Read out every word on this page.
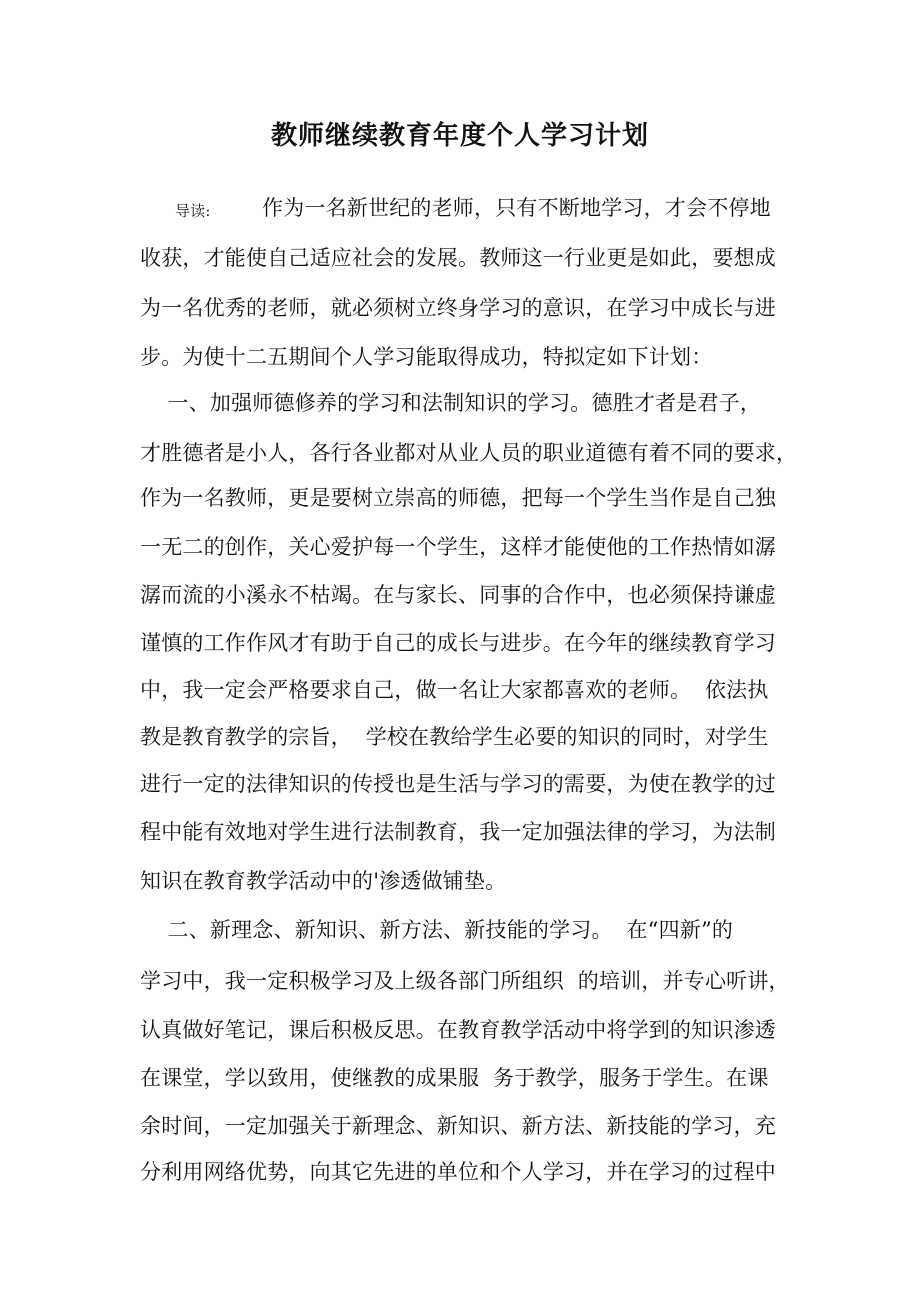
教师继续教育年度个人学习计划
导读:	作为一名新世纪的老师，只有不断地学习，才会不停地
收获，才能使自己适应社会的发展。教师这一行业更是如此，要想成
为一名优秀的老师，就必须树立终身学习的意识，在学习中成长与进
步。为使十二五期间个人学习能取得成功，特拟定如下计划：
一、加强师德修养的学习和法制知识的学习。德胜才者是君子，
才胜德者是小人，各行各业都对从业人员的职业道德有着不同的要求，
作为一名教师，更是要树立崇高的师德，把每一个学生当作是自己独
一无二的创作，关心爱护每一个学生，这样才能使他的工作热情如潺
潺而流的小溪永不枯竭。在与家长、同事的合作中，也必须保持谦虚
谨慎的工作作风才有助于自己的成长与进步。在今年的继续教育学习
中，我一定会严格要求自己，做一名让大家都喜欢的老师。  依法执
教是教育教学的宗旨，  学校在教给学生必要的知识的同时，对学生
进行一定的法律知识的传授也是生活与学习的需要，为使在教学的过
程中能有效地对学生进行法制教育，我一定加强法律的学习，为法制
知识在教育教学活动中的'渗透做铺垫。
二、新理念、新知识、新方法、新技能的学习。  在“四新”的
学习中，我一定积极学习及上级各部门所组织  的培训，并专心听讲，
认真做好笔记，课后积极反思。在教育教学活动中将学到的知识渗透
在课堂，学以致用，使继教的成果服  务于教学，服务于学生。在课
余时间，一定加强关于新理念、新知识、新方法、新技能的学习，充
分利用网络优势，向其它先进的单位和个人学习，并在学习的过程中
